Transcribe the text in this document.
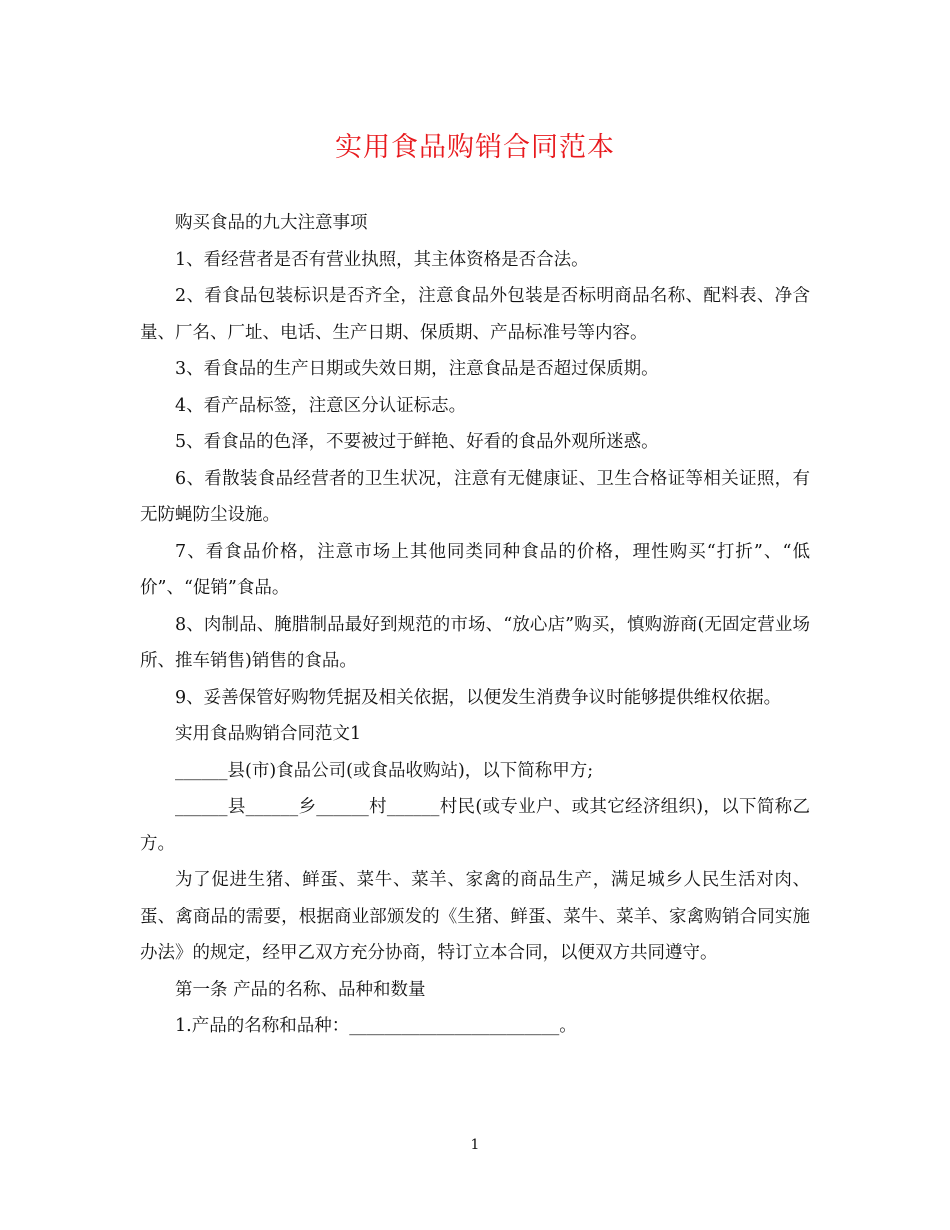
实用食品购销合同范本

购买食品的九大注意事项

1、看经营者是否有营业执照，其主体资格是否合法。

2、看食品包装标识是否齐全，注意食品外包装是否标明商品名称、配料表、净含量、厂名、厂址、电话、生产日期、保质期、产品标准号等内容。

3、看食品的生产日期或失效日期，注意食品是否超过保质期。

4、看产品标签，注意区分认证标志。

5、看食品的色泽，不要被过于鲜艳、好看的食品外观所迷惑。

6、看散装食品经营者的卫生状况，注意有无健康证、卫生合格证等相关证照，有无防蝇防尘设施。

7、看食品价格，注意市场上其他同类同种食品的价格，理性购买“打折”、“低价”、“促销”食品。

8、肉制品、腌腊制品最好到规范的市场、“放心店”购买，慎购游商(无固定营业场所、推车销售)销售的食品。

9、妥善保管好购物凭据及相关依据，以便发生消费争议时能够提供维权依据。

实用食品购销合同范文1

______县(市)食品公司(或食品收购站)，以下简称甲方;

______县______乡______村______村民(或专业户、或其它经济组织)，以下简称乙方。

为了促进生猪、鲜蛋、菜牛、菜羊、家禽的商品生产，满足城乡人民生活对肉、蛋、禽商品的需要，根据商业部颁发的《生猪、鲜蛋、菜牛、菜羊、家禽购销合同实施办法》的规定，经甲乙双方充分协商，特订立本合同，以便双方共同遵守。

第一条 产品的名称、品种和数量

1.产品的名称和品种：________________________。

1
